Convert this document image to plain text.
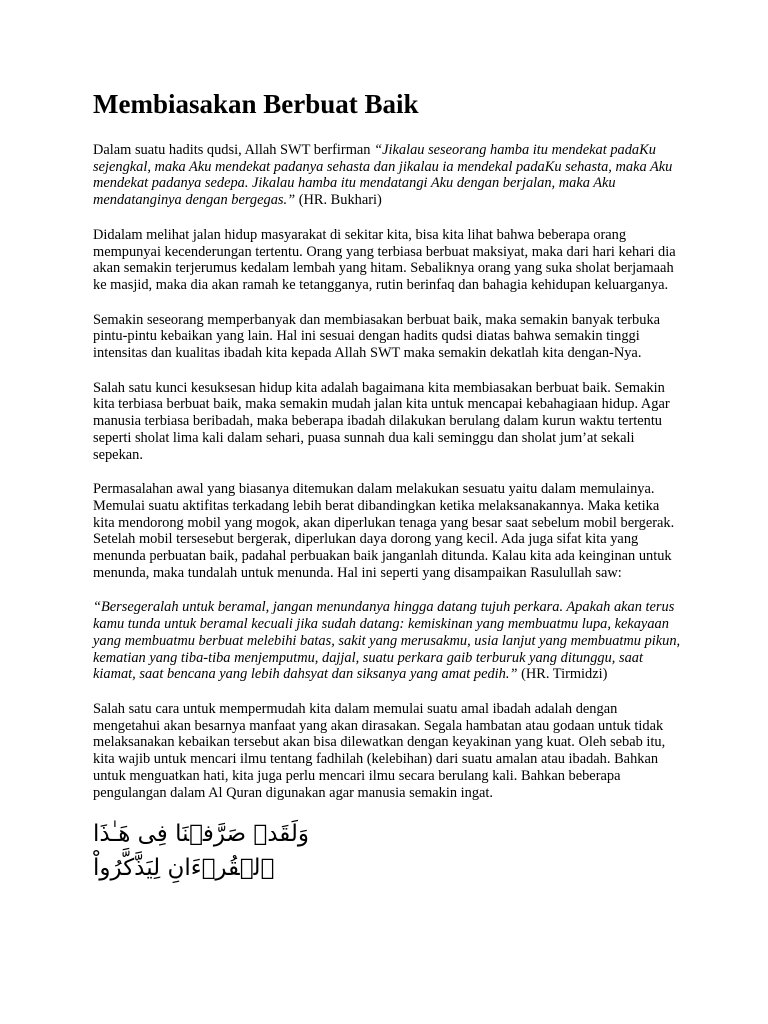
Membiasakan Berbuat Baik

Dalam suatu hadits qudsi, Allah SWT berfirman “Jikalau seseorang hamba itu mendekat padaKu sejengkal, maka Aku mendekat padanya sehasta dan jikalau ia mendekal padaKu sehasta, maka Aku mendekat padanya sedepa. Jikalau hamba itu mendatangi Aku dengan berjalan, maka Aku mendatanginya dengan bergegas.” (HR. Bukhari)

Didalam melihat jalan hidup masyarakat di sekitar kita, bisa kita lihat bahwa beberapa orang mempunyai kecenderungan tertentu. Orang yang terbiasa berbuat maksiyat, maka dari hari kehari dia akan semakin terjerumus kedalam lembah yang hitam. Sebaliknya orang yang suka sholat berjamaah ke masjid, maka dia akan ramah ke tetangganya, rutin berinfaq dan bahagia kehidupan keluarganya.

Semakin seseorang memperbanyak dan membiasakan berbuat baik, maka semakin banyak terbuka pintu-pintu kebaikan yang lain. Hal ini sesuai dengan hadits qudsi diatas bahwa semakin tinggi intensitas dan kualitas ibadah kita kepada Allah SWT maka semakin dekatlah kita dengan-Nya.

Salah satu kunci kesuksesan hidup kita adalah bagaimana kita membiasakan berbuat baik. Semakin kita terbiasa berbuat baik, maka semakin mudah jalan kita untuk mencapai kebahagiaan hidup. Agar manusia terbiasa beribadah, maka beberapa ibadah dilakukan berulang dalam kurun waktu tertentu seperti sholat lima kali dalam sehari, puasa sunnah dua kali seminggu dan sholat jum’at sekali sepekan.

Permasalahan awal yang biasanya ditemukan dalam melakukan sesuatu yaitu dalam memulainya. Memulai suatu aktifitas terkadang lebih berat dibandingkan ketika melaksanakannya. Maka ketika kita mendorong mobil yang mogok, akan diperlukan tenaga yang besar saat sebelum mobil bergerak. Setelah mobil tersesebut bergerak, diperlukan daya dorong yang kecil. Ada juga sifat kita yang menunda perbuatan baik, padahal perbuakan baik janganlah ditunda. Kalau kita ada keinginan untuk menunda, maka tundalah untuk menunda. Hal ini seperti yang disampaikan Rasulullah saw:

“Bersegeralah untuk beramal, jangan menundanya hingga datang tujuh perkara. Apakah akan terus kamu tunda untuk beramal kecuali jika sudah datang: kemiskinan yang membuatmu lupa, kekayaan yang membuatmu berbuat melebihi batas, sakit yang merusakmu, usia lanjut yang membuatmu pikun, kematian yang tiba-tiba menjemputmu, dajjal, suatu perkara gaib terburuk yang ditunggu, saat kiamat, saat bencana yang lebih dahsyat dan siksanya yang amat pedih.” (HR. Tirmidzi)

Salah satu cara untuk mempermudah kita dalam memulai suatu amal ibadah adalah dengan mengetahui akan besarnya manfaat yang akan dirasakan. Segala hambatan atau godaan untuk tidak melaksanakan kebaikan tersebut akan bisa dilewatkan dengan keyakinan yang kuat. Oleh sebab itu, kita wajib untuk mencari ilmu tentang fadhilah (kelebihan) dari suatu amalan atau ibadah. Bahkan untuk menguatkan hati, kita juga perlu mencari ilmu secara berulang kali. Bahkan beberapa pengulangan dalam Al Quran digunakan agar manusia semakin ingat.

وَلَقَدۡ صَرَّفۡنَا فِى هَـٰذَا ٱلۡقُرۡءَانِ لِيَذَّكَّرُواْ
